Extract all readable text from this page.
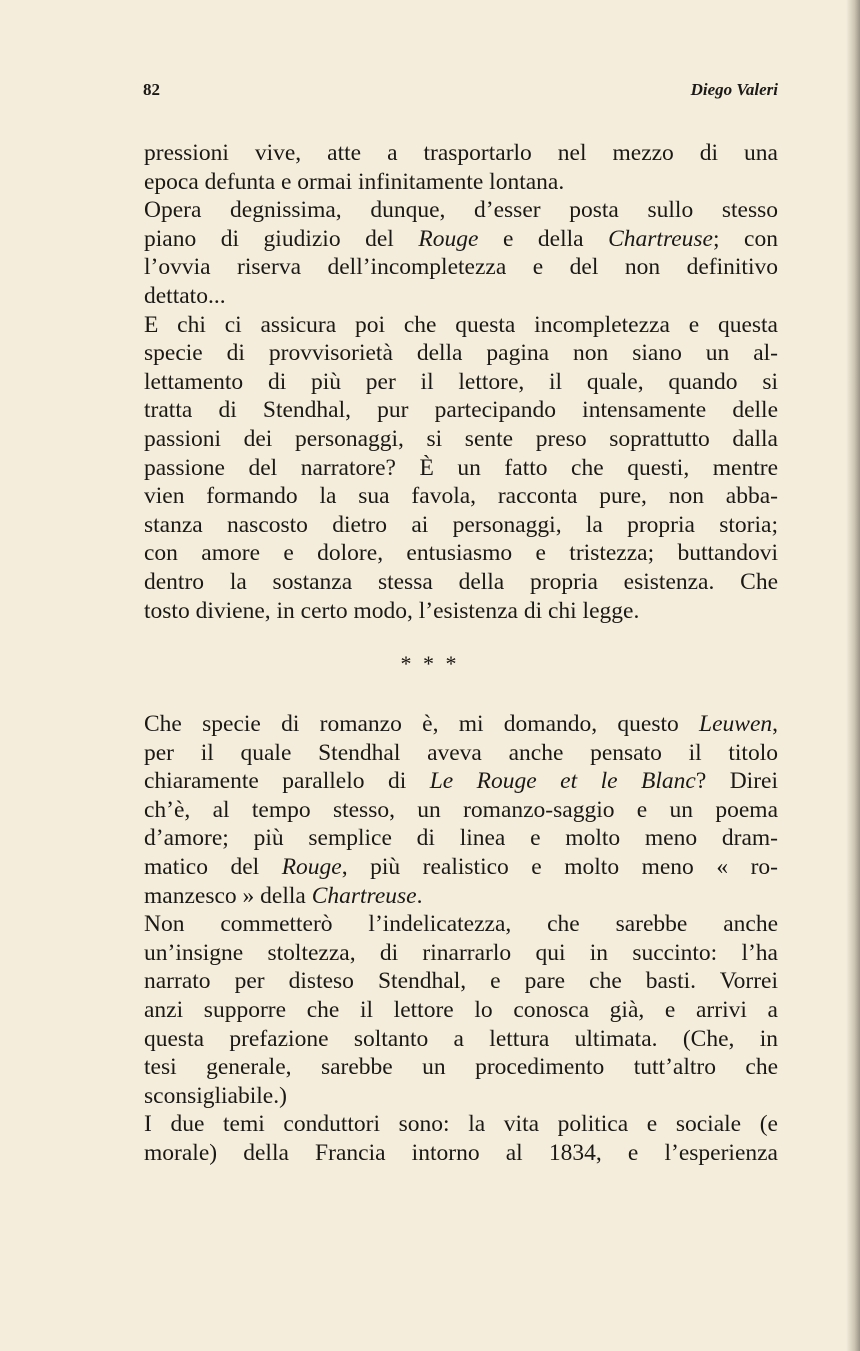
82	Diego Valeri
pressioni vive, atte a trasportarlo nel mezzo di una
epoca defunta e ormai infinitamente lontana.
Opera degnissima, dunque, d’esser posta sullo stesso
piano di giudizio del Rouge e della Chartreuse; con
l’ovvia riserva dell’incompletezza e del non definitivo
dettato...
E chi ci assicura poi che questa incompletezza e questa
specie di provvisorietà della pagina non siano un al-
lettamento di più per il lettore, il quale, quando si
tratta di Stendhal, pur partecipando intensamente delle
passioni dei personaggi, si sente preso soprattutto dalla
passione del narratore? È un fatto che questi, mentre
vien formando la sua favola, racconta pure, non abba-
stanza nascosto dietro ai personaggi, la propria storia;
con amore e dolore, entusiasmo e tristezza; buttandovi
dentro la sostanza stessa della propria esistenza. Che
tosto diviene, in certo modo, l’esistenza di chi legge.
* * *
Che specie di romanzo è, mi domando, questo Leuwen,
per il quale Stendhal aveva anche pensato il titolo
chiaramente parallelo di Le Rouge et le Blanc? Direi
ch’è, al tempo stesso, un romanzo-saggio e un poema
d’amore; più semplice di linea e molto meno dram-
matico del Rouge, più realistico e molto meno « ro-
manzesco » della Chartreuse.
Non commetterò l’indelicatezza, che sarebbe anche
un’insigne stoltezza, di rinarrarlo qui in succinto: l’ha
narrato per disteso Stendhal, e pare che basti. Vorrei
anzi supporre che il lettore lo conosca già, e arrivi a
questa prefazione soltanto a lettura ultimata. (Che, in
tesi generale, sarebbe un procedimento tutt’altro che
sconsigliabile.)
I due temi conduttori sono: la vita politica e sociale (e
morale) della Francia intorno al 1834, e l’esperienza
